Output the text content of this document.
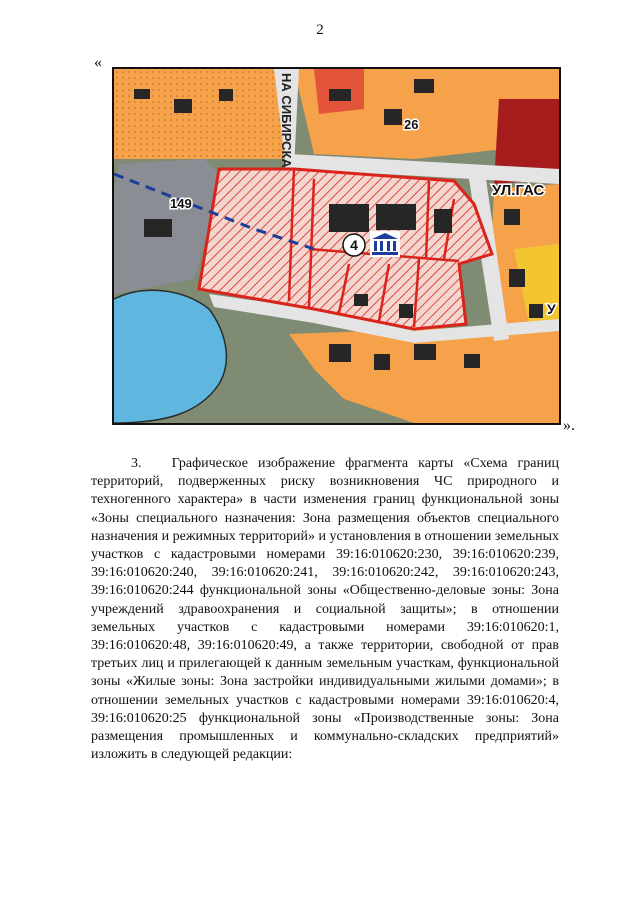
2
«
НА СИБИРСКА
УЛ.ГАС
149
26
У
4
».

3. Графическое изображение фрагмента карты «Схема границ территорий, подверженных риску возникновения ЧС природного и техногенного характера» в части изменения границ функциональной зоны «Зоны специального назначения: Зона размещения объектов специального назначения и режимных территорий» и установления в отношении земельных участков с кадастровыми номерами 39:16:010620:230, 39:16:010620:239, 39:16:010620:240, 39:16:010620:241, 39:16:010620:242, 39:16:010620:243, 39:16:010620:244 функциональной зоны «Общественно-деловые зоны: Зона учреждений здравоохранения и социальной защиты»; в отношении земельных участков с кадастровыми номерами 39:16:010620:1, 39:16:010620:48, 39:16:010620:49, а также территории, свободной от прав третьих лиц и прилегающей к данным земельным участкам, функциональной зоны «Жилые зоны: Зона застройки индивидуальными жилыми домами»; в отношении земельных участков с кадастровыми номерами 39:16:010620:4, 39:16:010620:25 функциональной зоны «Производственные зоны: Зона размещения промышленных и коммунально-складских предприятий» изложить в следующей редакции:
